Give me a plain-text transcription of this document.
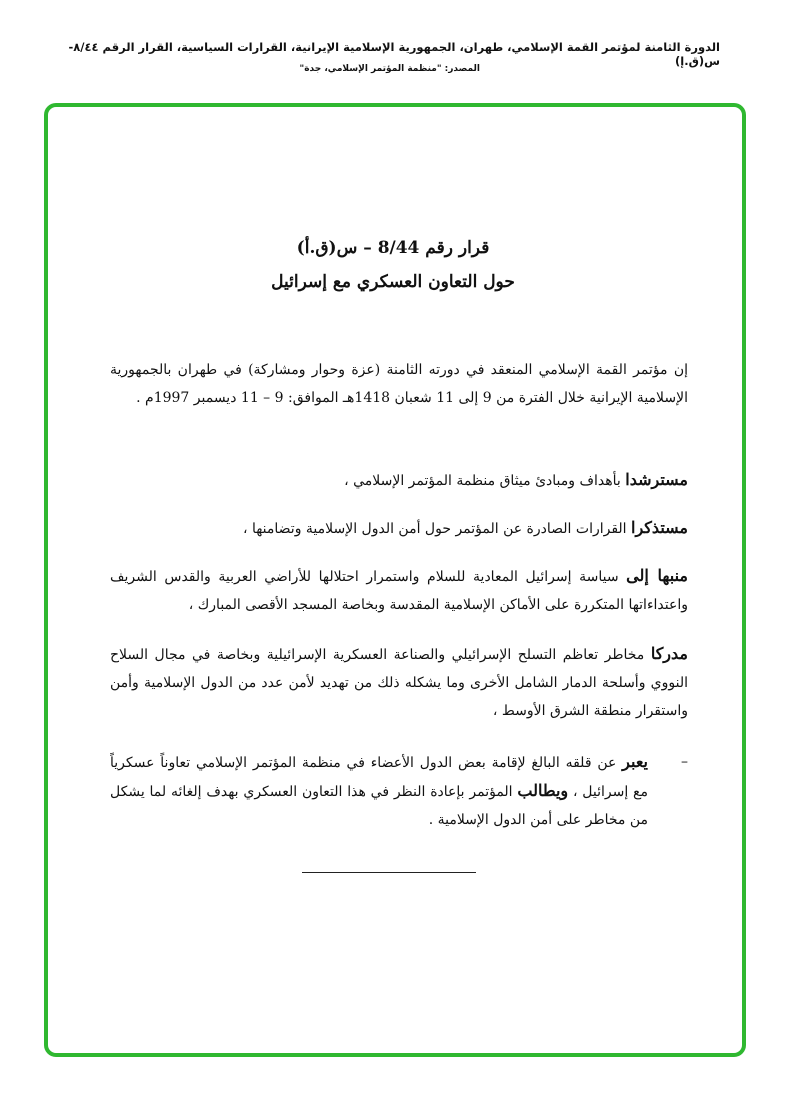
الدورة الثامنة لمؤتمر القمة الإسلامي، طهران، الجمهورية الإسلامية الإيرانية، القرارات السياسية، القرار الرقم ٨/٤٤-س(ق.إ)
المصدر: "منظمة المؤتمر الإسلامي، جدة"
قرار رقم 8/44 – س(ق.أ)
حول التعاون العسكري مع إسرائيل
إن مؤتمر القمة الإسلامي المنعقد في دورته الثامنة (عزة وحوار ومشاركة) في طهران بالجمهورية الإسلامية الإيرانية خلال الفترة من 9 إلى 11 شعبان 1418هـ الموافق: 9 – 11 ديسمبر 1997م .
مسترشدا بأهداف ومبادئ ميثاق منظمة المؤتمر الإسلامي ،
مستذكرا القرارات الصادرة عن المؤتمر حول أمن الدول الإسلامية وتضامنها ،
منبها إلى سياسة إسرائيل المعادية للسلام واستمرار احتلالها للأراضي العربية والقدس الشريف واعتداءاتها المتكررة على الأماكن الإسلامية المقدسة وبخاصة المسجد الأقصى المبارك ،
مدركا مخاطر تعاظم التسلح الإسرائيلي والصناعة العسكرية الإسرائيلية وبخاصة في مجال السلاح النووي وأسلحة الدمار الشامل الأخرى وما يشكله ذلك من تهديد لأمن عدد من الدول الإسلامية وأمن واستقرار منطقة الشرق الأوسط ،
–
يعبر عن قلقه البالغ لإقامة بعض الدول الأعضاء في منظمة المؤتمر الإسلامي تعاوناً عسكرياً مع إسرائيل ، ويطالب المؤتمر بإعادة النظر في هذا التعاون العسكري بهدف إلغائه لما يشكل من مخاطر على أمن الدول الإسلامية .
